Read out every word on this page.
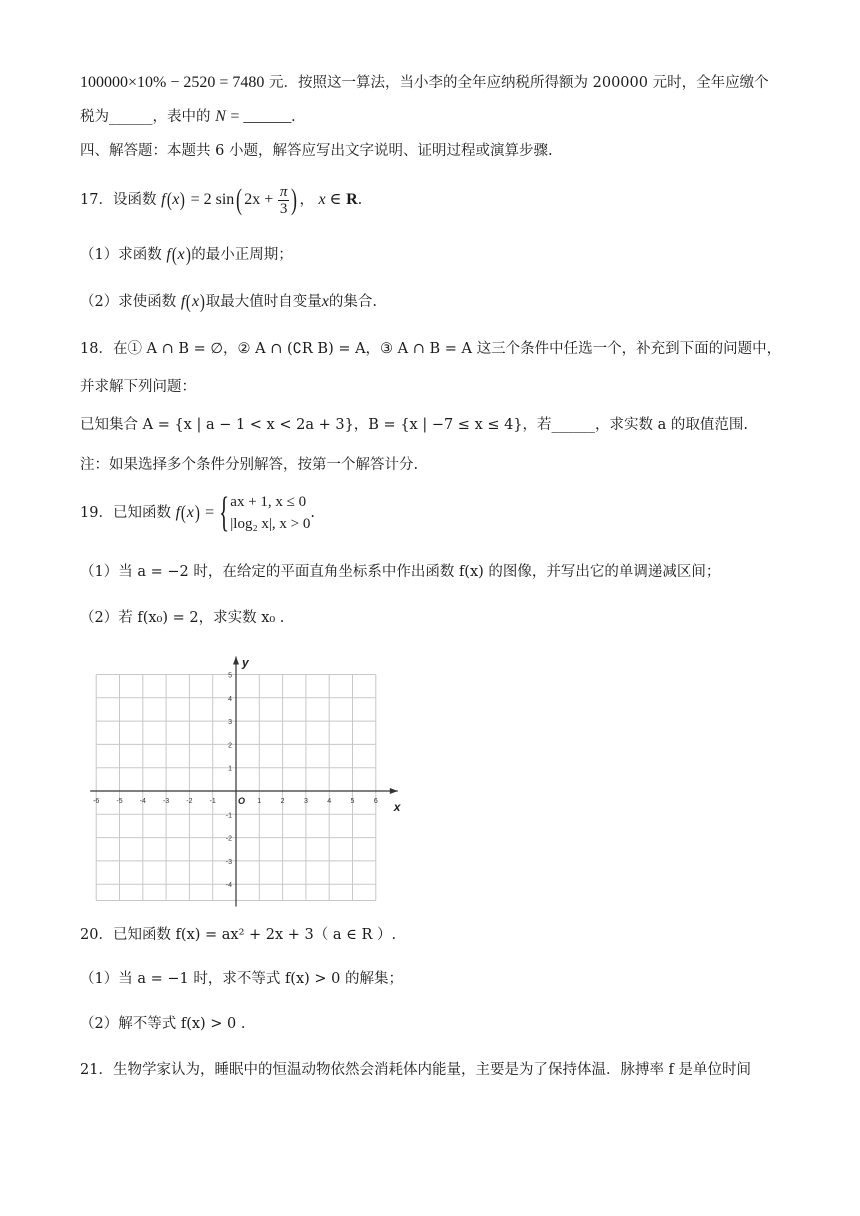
100000×10% − 2520 = 7480 元．按照这一算法，当小李的全年应纳税所得额为 200000 元时，全年应缴个
税为______，表中的 N = ______.
四、解答题：本题共 6 小题，解答应写出文字说明、证明过程或演算步骤.
17．设函数 f(x) = 2 sin( $2x + \frac{\pi}{3}$ ) ， x ∈ R.
（1）求函数 f(x)的最小正周期；
（2）求使函数 f(x)取最大值时自变量x的集合.
18．在① A ∩ B = ∅，② A ∩ (∁R B) = A，③ A ∩ B = A 这三个条件中任选一个，补充到下面的问题中，
并求解下列问题：
已知集合 A = {x | a − 1 < x < 2a + 3}，B = {x | −7 ≤ x ≤ 4}，若______，求实数 a 的取值范围.
注：如果选择多个条件分别解答，按第一个解答计分.
19．已知函数 f(x) = { ax + 1, x ≤ 0
|log₂ x|, x > 0
.
（1）当 a = −2 时，在给定的平面直角坐标系中作出函数 f(x) 的图像，并写出它的单调递减区间；
（2）若 f(x₀) = 2，求实数 x₀ .
y
x
O
-6 -5 -4 -3 -2 -1	1	2	3	4	5	6
5
4
3
2
1
-1
-2
-3
-4
20．已知函数 f(x) = ax² + 2x + 3（ a ∈ R ）.
（1）当 a = −1 时，求不等式 f(x) > 0 的解集；
（2）解不等式 f(x) > 0 .
21．生物学家认为，睡眠中的恒温动物依然会消耗体内能量，主要是为了保持体温．脉搏率 f 是单位时间
